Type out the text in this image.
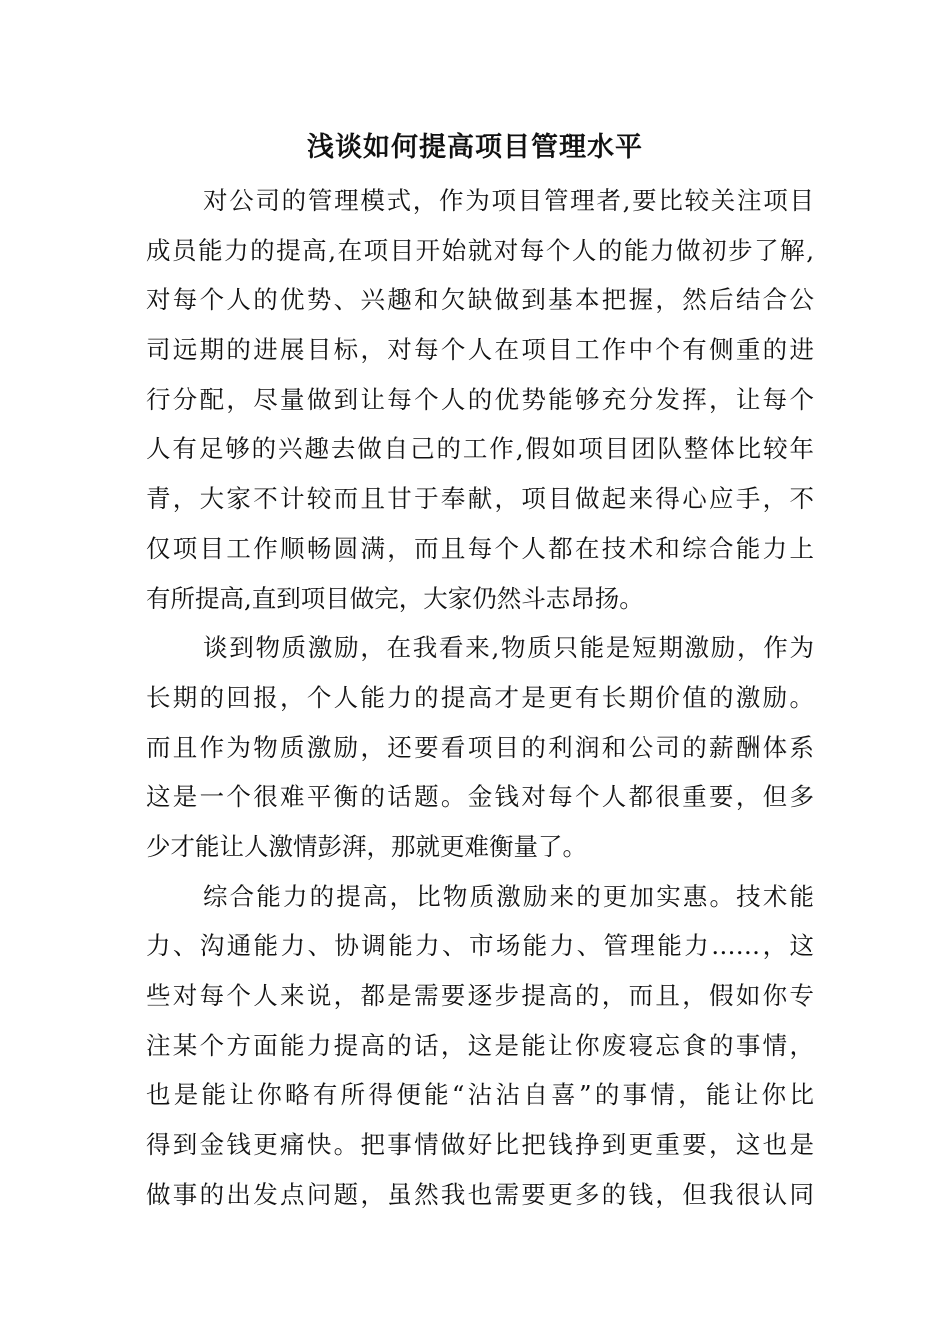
浅谈如何提高项目管理水平
对公司的管理模式，作为项目管理者,要比较关注项目
成员能力的提高,在项目开始就对每个人的能力做初步了解,
对每个人的优势、兴趣和欠缺做到基本把握，然后结合公
司远期的进展目标，对每个人在项目工作中个有侧重的进
行分配，尽量做到让每个人的优势能够充分发挥，让每个
人有足够的兴趣去做自己的工作,假如项目团队整体比较年
青，大家不计较而且甘于奉献，项目做起来得心应手，不
仅项目工作顺畅圆满，而且每个人都在技术和综合能力上
有所提高,直到项目做完，大家仍然斗志昂扬。
谈到物质激励，在我看来,物质只能是短期激励，作为
长期的回报，个人能力的提高才是更有长期价值的激励。
而且作为物质激励，还要看项目的利润和公司的薪酬体系
这是一个很难平衡的话题。金钱对每个人都很重要，但多
少才能让人激情彭湃，那就更难衡量了。
综合能力的提高，比物质激励来的更加实惠。技术能
力、沟通能力、协调能力、市场能力、管理能力……，这
些对每个人来说，都是需要逐步提高的，而且，假如你专
注某个方面能力提高的话，这是能让你废寝忘食的事情，
也是能让你略有所得便能“沾沾自喜”的事情，能让你比
得到金钱更痛快。把事情做好比把钱挣到更重要，这也是
做事的出发点问题，虽然我也需要更多的钱，但我很认同
